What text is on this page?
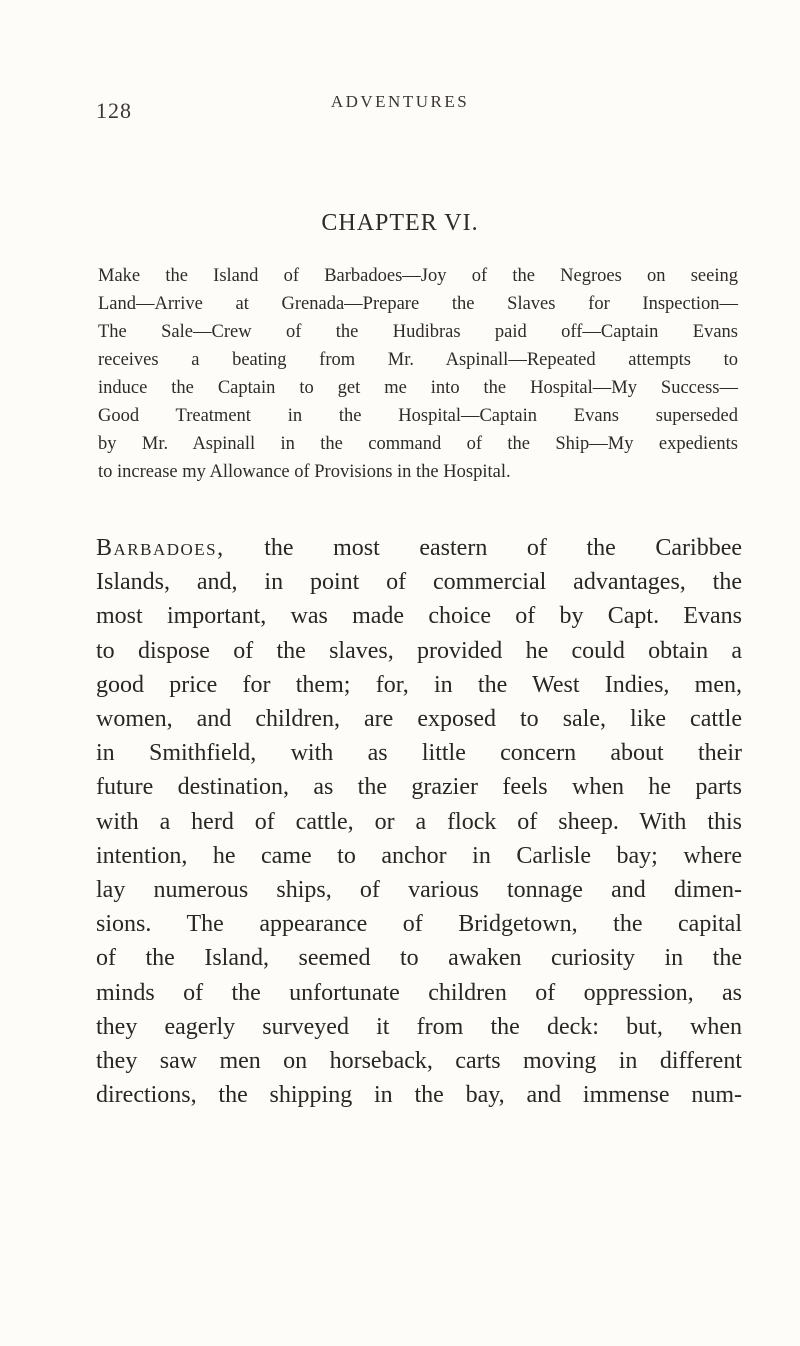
128	ADVENTURES
CHAPTER VI.
Make the Island of Barbadoes—Joy of the Negroes on seeing
Land—Arrive at Grenada—Prepare the Slaves for Inspection—
The Sale—Crew of the Hudibras paid off—Captain Evans
receives a beating from Mr. Aspinall—Repeated attempts to
induce the Captain to get me into the Hospital—My Success—
Good Treatment in the Hospital—Captain Evans superseded
by Mr. Aspinall in the command of the Ship—My expedients
to increase my Allowance of Provisions in the Hospital.
Barbadoes, the most eastern of the Caribbee
Islands, and, in point of commercial advantages, the
most important, was made choice of by Capt. Evans
to dispose of the slaves, provided he could obtain a
good price for them; for, in the West Indies, men,
women, and children, are exposed to sale, like cattle
in Smithfield, with as little concern about their
future destination, as the grazier feels when he parts
with a herd of cattle, or a flock of sheep. With this
intention, he came to anchor in Carlisle bay; where
lay numerous ships, of various tonnage and dimen-
sions. The appearance of Bridgetown, the capital
of the Island, seemed to awaken curiosity in the
minds of the unfortunate children of oppression, as
they eagerly surveyed it from the deck: but, when
they saw men on horseback, carts moving in different
directions, the shipping in the bay, and immense num-
